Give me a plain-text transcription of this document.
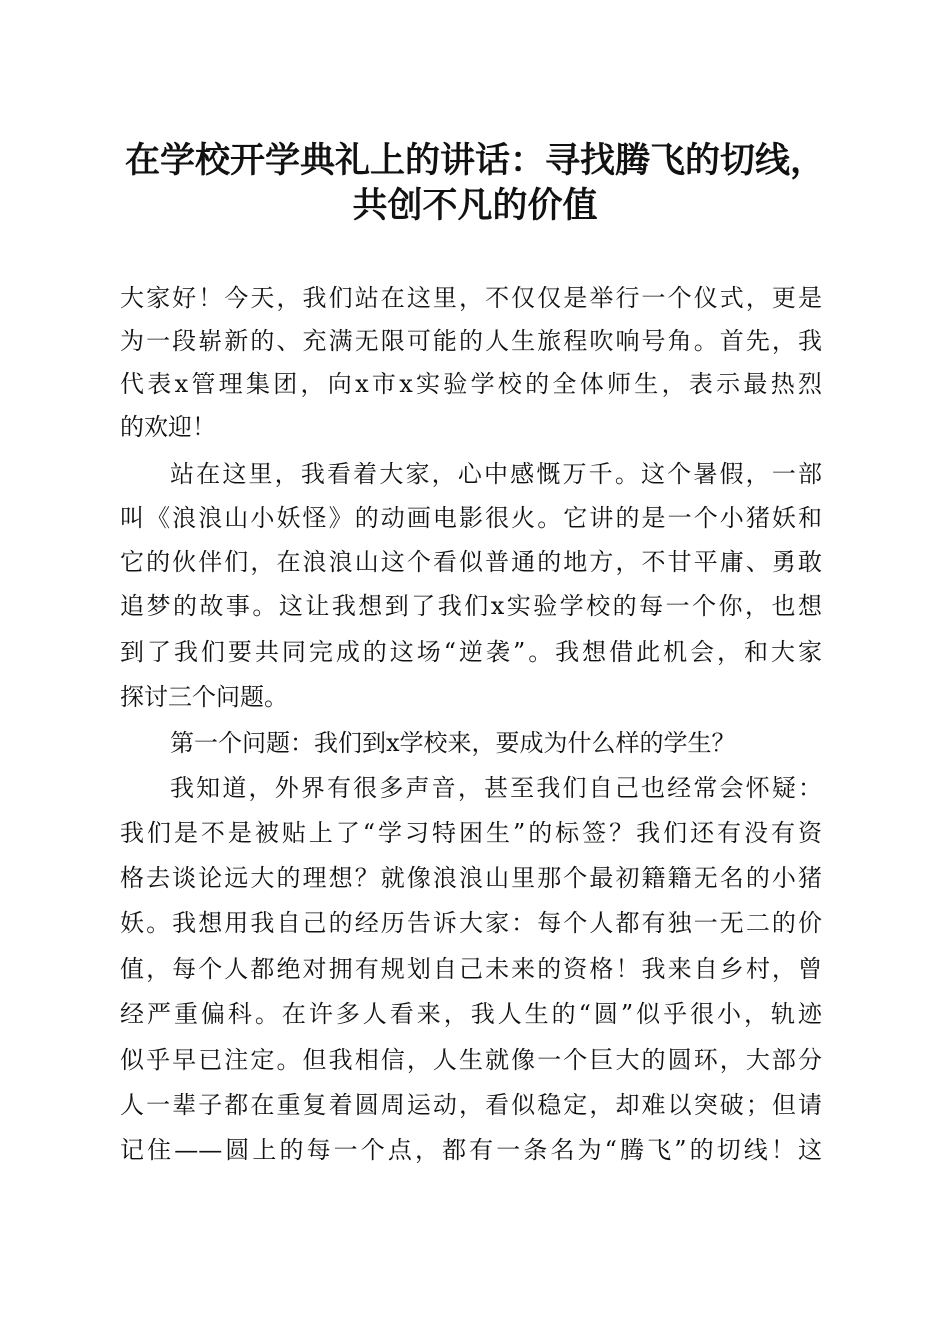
在学校开学典礼上的讲话：寻找腾飞的切线，
共创不凡的价值

大家好！今天，我们站在这里，不仅仅是举行一个仪式，更是

为一段崭新的、充满无限可能的人生旅程吹响号角。首先，我

代表x管理集团，向x市x实验学校的全体师生，表示最热烈

的欢迎！

站在这里，我看着大家，心中感慨万千。这个暑假，一部

叫《浪浪山小妖怪》的动画电影很火。它讲的是一个小猪妖和

它的伙伴们，在浪浪山这个看似普通的地方，不甘平庸、勇敢

追梦的故事。这让我想到了我们x实验学校的每一个你，也想

到了我们要共同完成的这场“逆袭”。我想借此机会，和大家

探讨三个问题。

第一个问题：我们到x学校来，要成为什么样的学生？

我知道，外界有很多声音，甚至我们自己也经常会怀疑：

我们是不是被贴上了“学习特困生”的标签？我们还有没有资

格去谈论远大的理想？就像浪浪山里那个最初籍籍无名的小猪

妖。我想用我自己的经历告诉大家：每个人都有独一无二的价

值，每个人都绝对拥有规划自己未来的资格！我来自乡村，曾

经严重偏科。在许多人看来，我人生的“圆”似乎很小，轨迹

似乎早已注定。但我相信，人生就像一个巨大的圆环，大部分

人一辈子都在重复着圆周运动，看似稳定，却难以突破；但请

记住——圆上的每一个点，都有一条名为“腾飞”的切线！这
